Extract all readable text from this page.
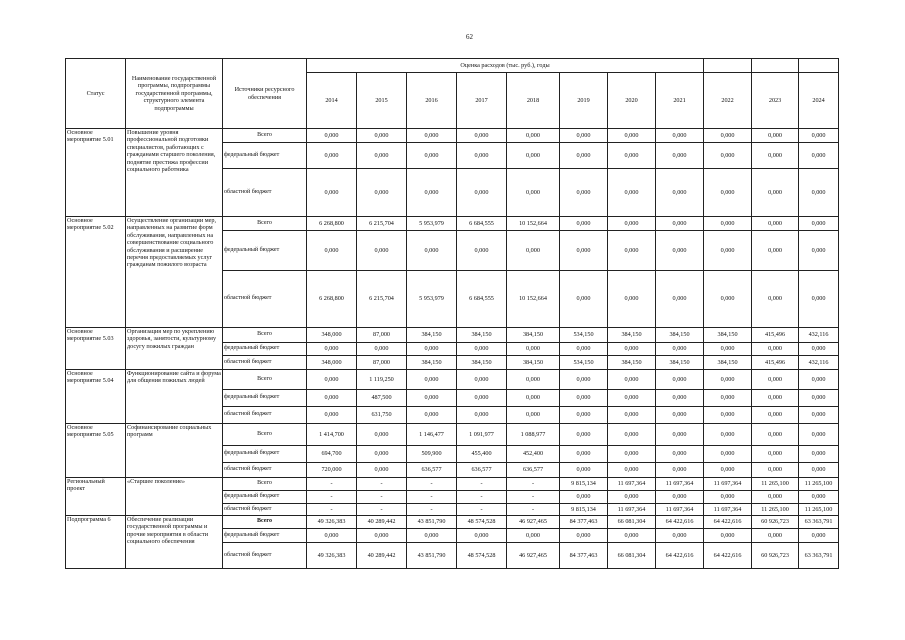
62
Статус	Наименование государственной программы, подпрограммы государственной программы, структурного элемента подпрограммы	Источники ресурсного обеспечения	Оценка расходов (тыс. руб.), годы										
			2014	2015	2016	2017	2018	2019	2020	2021	2022	2023	2024
Основное мероприятие 5.01	Повышение уровня профессиональной подготовки специалистов, работающих с гражданами старшего поколения, поднятие престижа профессии социального работника	Всего	0,000	0,000	0,000	0,000	0,000	0,000	0,000	0,000	0,000	0,000	0,000
		федеральный бюджет	0,000	0,000	0,000	0,000	0,000	0,000	0,000	0,000	0,000	0,000	0,000
		областной бюджет	0,000	0,000	0,000	0,000	0,000	0,000	0,000	0,000	0,000	0,000	0,000
Основное мероприятие 5.02	Осуществление организации мер, направленных на развитие форм обслуживания, направленных на совершенствование социального обслуживания и расширение перечня предоставляемых услуг гражданам пожилого возраста	Всего	6 268,800	6 215,704	5 953,979	6 684,555	10 152,664	0,000	0,000	0,000	0,000	0,000	0,000
		федеральный бюджет	0,000	0,000	0,000	0,000	0,000	0,000	0,000	0,000	0,000	0,000	0,000
		областной бюджет	6 268,800	6 215,704	5 953,979	6 684,555	10 152,664	0,000	0,000	0,000	0,000	0,000	0,000
Основное мероприятие 5.03	Организация мер по укреплению здоровья, занятости, культурному досугу пожилых граждан	Всего	348,000	87,000	384,150	384,150	384,150	534,150	384,150	384,150	384,150	415,496	432,116
		федеральный бюджет	0,000	0,000	0,000	0,000	0,000	0,000	0,000	0,000	0,000	0,000	0,000
		областной бюджет	348,000	87,000	384,150	384,150	384,150	534,150	384,150	384,150	384,150	415,496	432,116
Основное мероприятие 5.04	Функционирование сайта и форума для общения пожилых людей	Всего	0,000	1 119,250	0,000	0,000	0,000	0,000	0,000	0,000	0,000	0,000	0,000
		федеральный бюджет	0,000	487,500	0,000	0,000	0,000	0,000	0,000	0,000	0,000	0,000	0,000
		областной бюджет	0,000	631,750	0,000	0,000	0,000	0,000	0,000	0,000	0,000	0,000	0,000
Основное мероприятие 5.05	Софинансирование социальных программ	Всего	1 414,700	0,000	1 146,477	1 091,977	1 088,977	0,000	0,000	0,000	0,000	0,000	0,000
		федеральный бюджет	694,700	0,000	509,900	455,400	452,400	0,000	0,000	0,000	0,000	0,000	0,000
		областной бюджет	720,000	0,000	636,577	636,577	636,577	0,000	0,000	0,000	0,000	0,000	0,000
Региональный проект	«Старшее поколение»	Всего	-	-	-	-	-	9 815,134	11 697,364	11 697,364	11 697,364	11 265,100	11 265,100
		федеральный бюджет	-	-	-	-	-	0,000	0,000	0,000	0,000	0,000	0,000
		областной бюджет	-	-	-	-	-	9 815,134	11 697,364	11 697,364	11 697,364	11 265,100	11 265,100
Подпрограмма 6	Обеспечение реализации государственной программы и прочие мероприятия в области социального обеспечения	Всего	49 326,383	40 289,442	43 851,790	48 574,528	46 927,465	84 377,463	66 081,304	64 422,616	64 422,616	60 926,723	63 363,791
		федеральный бюджет	0,000	0,000	0,000	0,000	0,000	0,000	0,000	0,000	0,000	0,000	0,000
		областной бюджет	49 326,383	40 289,442	43 851,790	48 574,528	46 927,465	84 377,463	66 081,304	64 422,616	64 422,616	60 926,723	63 363,791
